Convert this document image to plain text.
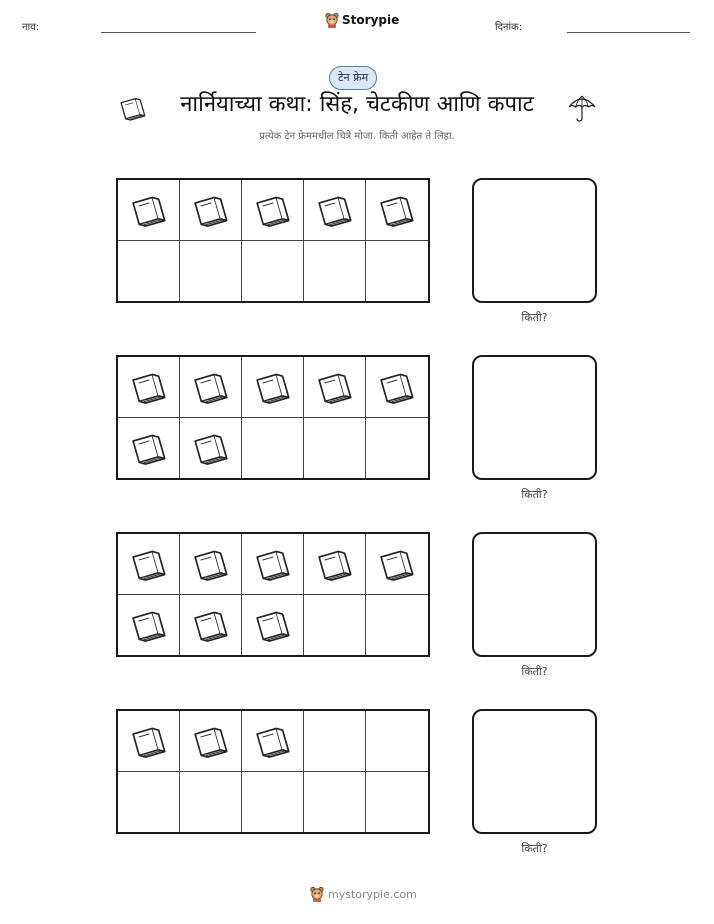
नाव:
Storypie
दिनांक:
टेन फ्रेम
नार्नियाच्या कथा: सिंह, चेटकीण आणि कपाट
प्रत्येक टेन फ्रेममधील चित्रे मोजा. किती आहेत ते लिहा.
किती?
किती?
किती?
किती?
mystorypie.com
